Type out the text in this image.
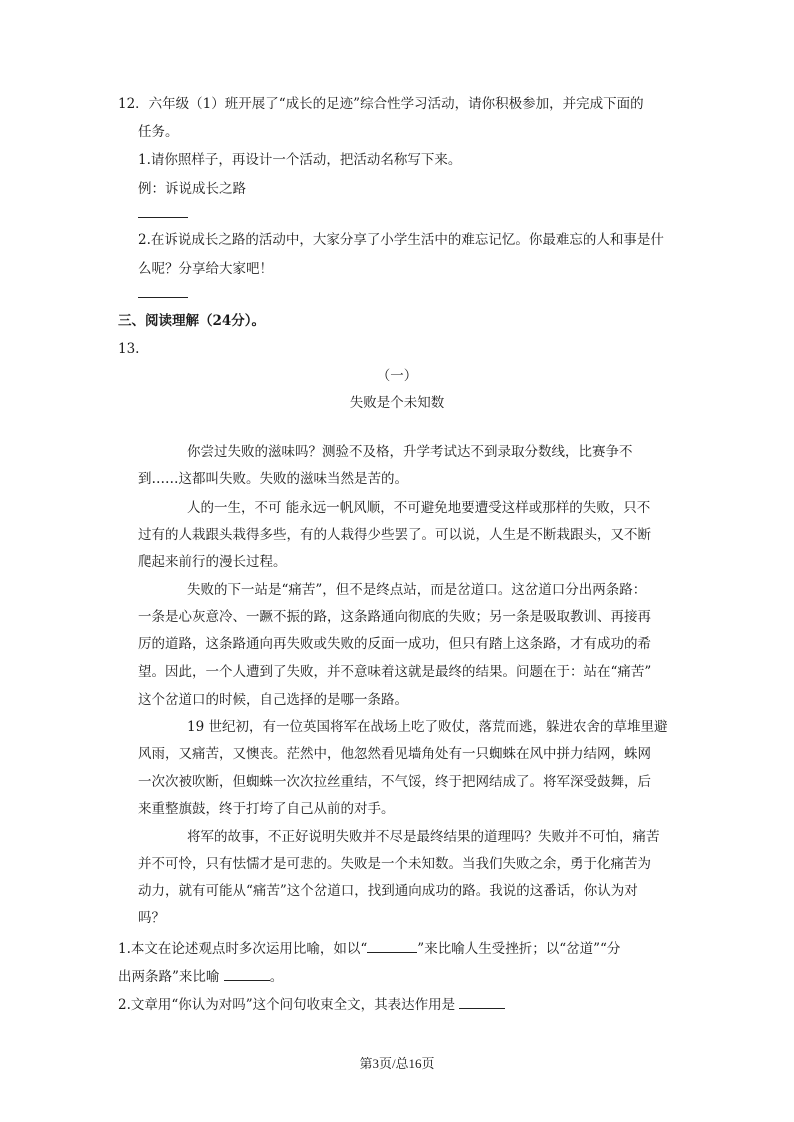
12．六年级（1）班开展了“成长的足迹”综合性学习活动，请你积极参加，并完成下面的
任务。
1.请你照样子，再设计一个活动，把活动名称写下来。
例：诉说成长之路
2.在诉说成长之路的活动中，大家分享了小学生活中的难忘记忆。你最难忘的人和事是什
么呢？分享给大家吧！
三、阅读理解（24分）。
13.
（一）
失败是个未知数
你尝过失败的滋味吗？测验不及格，升学考试达不到录取分数线，比赛争不
到……这都叫失败。失败的滋味当然是苦的。
人的一生，不可 能永远一帆风顺，不可避免地要遭受这样或那样的失败，只不
过有的人栽跟头栽得多些，有的人栽得少些罢了。可以说，人生是不断栽跟头，又不断
爬起来前行的漫长过程。
失败的下一站是“痛苦”，但不是终点站，而是岔道口。这岔道口分出两条路：
一条是心灰意冷、一蹶不振的路，这条路通向彻底的失败；另一条是吸取教训、再接再
厉的道路，这条路通向再失败或失败的反面一成功，但只有踏上这条路，才有成功的希
望。因此，一个人遭到了失败，并不意味着这就是最终的结果。问题在于：站在“痛苦”
这个岔道口的时候，自己选择的是哪一条路。
19 世纪初，有一位英国将军在战场上吃了败仗，落荒而逃，躲进农舍的草堆里避
风雨，又痛苦，又懊丧。茫然中，他忽然看见墙角处有一只蜘蛛在风中拼力结网，蛛网
一次次被吹断，但蜘蛛一次次拉丝重结，不气馁，终于把网结成了。将军深受鼓舞，后
来重整旗鼓，终于打垮了自己从前的对手。
将军的故事，不正好说明失败并不尽是最终结果的道理吗？失败并不可怕，痛苦
并不可怜，只有怯懦才是可悲的。失败是一个未知数。当我们失败之余，勇于化痛苦为
动力，就有可能从“痛苦”这个岔道口，找到通向成功的路。我说的这番话，你认为对
吗？
1.本文在论述观点时多次运用比喻，如以“	”来比喻人生受挫折；以“岔道”“分
出两条路”来比喻	。
2.文章用“你认为对吗”这个问句收束全文，其表达作用是
第3页/总16页
